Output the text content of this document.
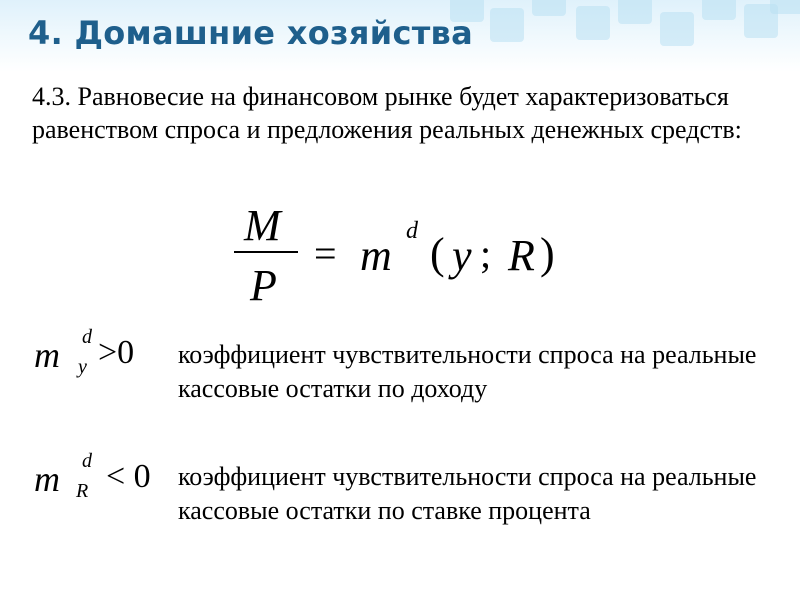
4. Домашние хозяйства
4.3. Равновесие на финансовом рынке будет характеризоваться равенством спроса и предложения реальных денежных средств:
M
P
= m d ( y ; R )
m d
y >0 коэффициент чувствительности спроса на реальные кассовые остатки по доходу
m d
R < 0 коэффициент чувствительности спроса на реальные кассовые остатки по ставке процента
